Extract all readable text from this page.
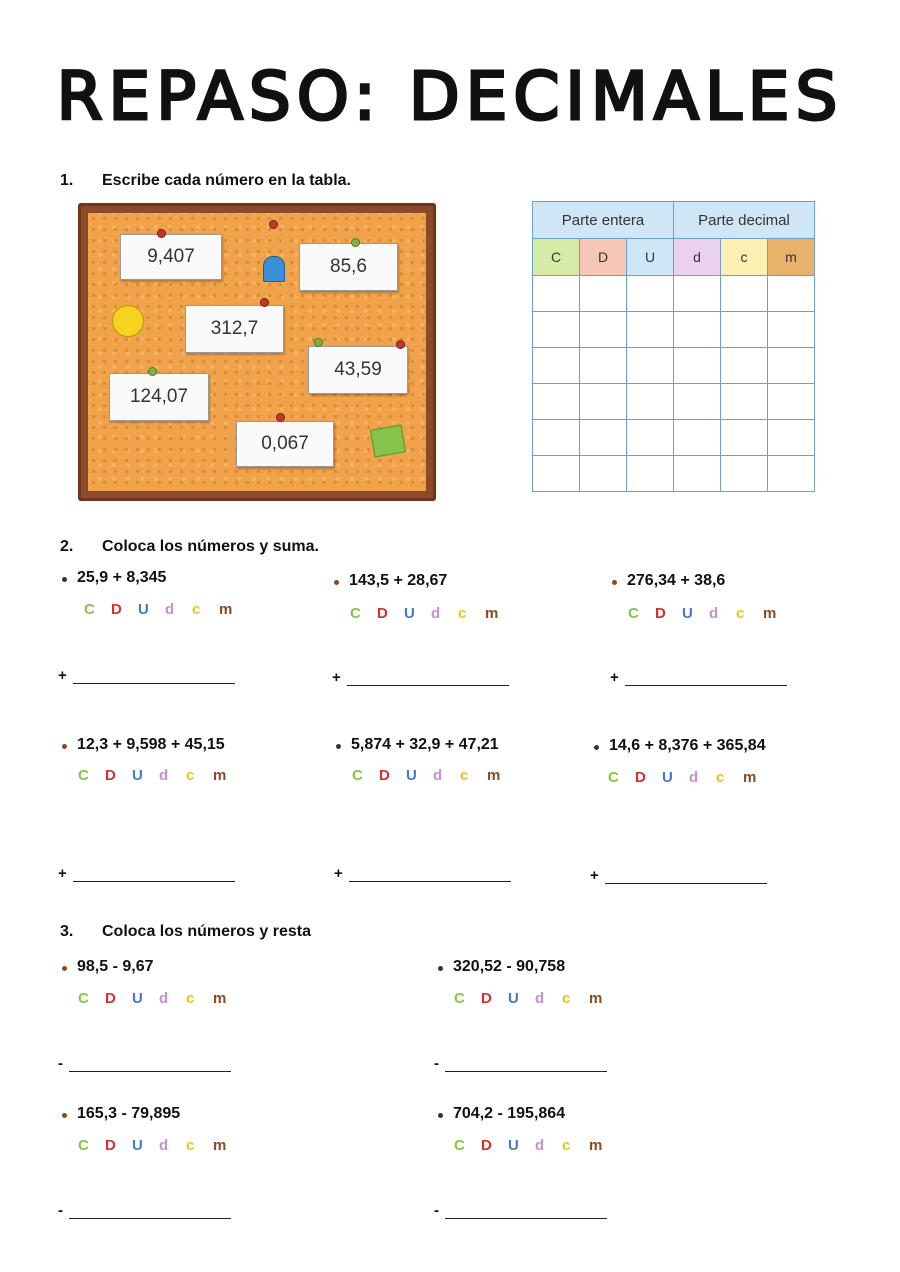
REPASO: DECIMALES
1. Escribe cada número en la tabla.
9,407	85,6
312,7
43,59
124,07
0,067
Parte entera			Parte decimal		
C	D	U	d	c	m

2. Coloca los números y suma.
25,9 + 8,345
C D U d c m
+
143,5 + 28,67
C D U d c m
+
276,34 + 38,6
C D U d c m
+
12,3 + 9,598 + 45,15
C D U d c m
+
5,874 + 32,9 + 47,21
C D U d c m
+
14,6 + 8,376 + 365,84
C D U d c m
+
3. Coloca los números y resta
98,5 - 9,67
C D U d c m
-
320,52 - 90,758
C D U d c m
-
165,3 - 79,895
C D U d c m
-
704,2 - 195,864
C D U d c m
-
